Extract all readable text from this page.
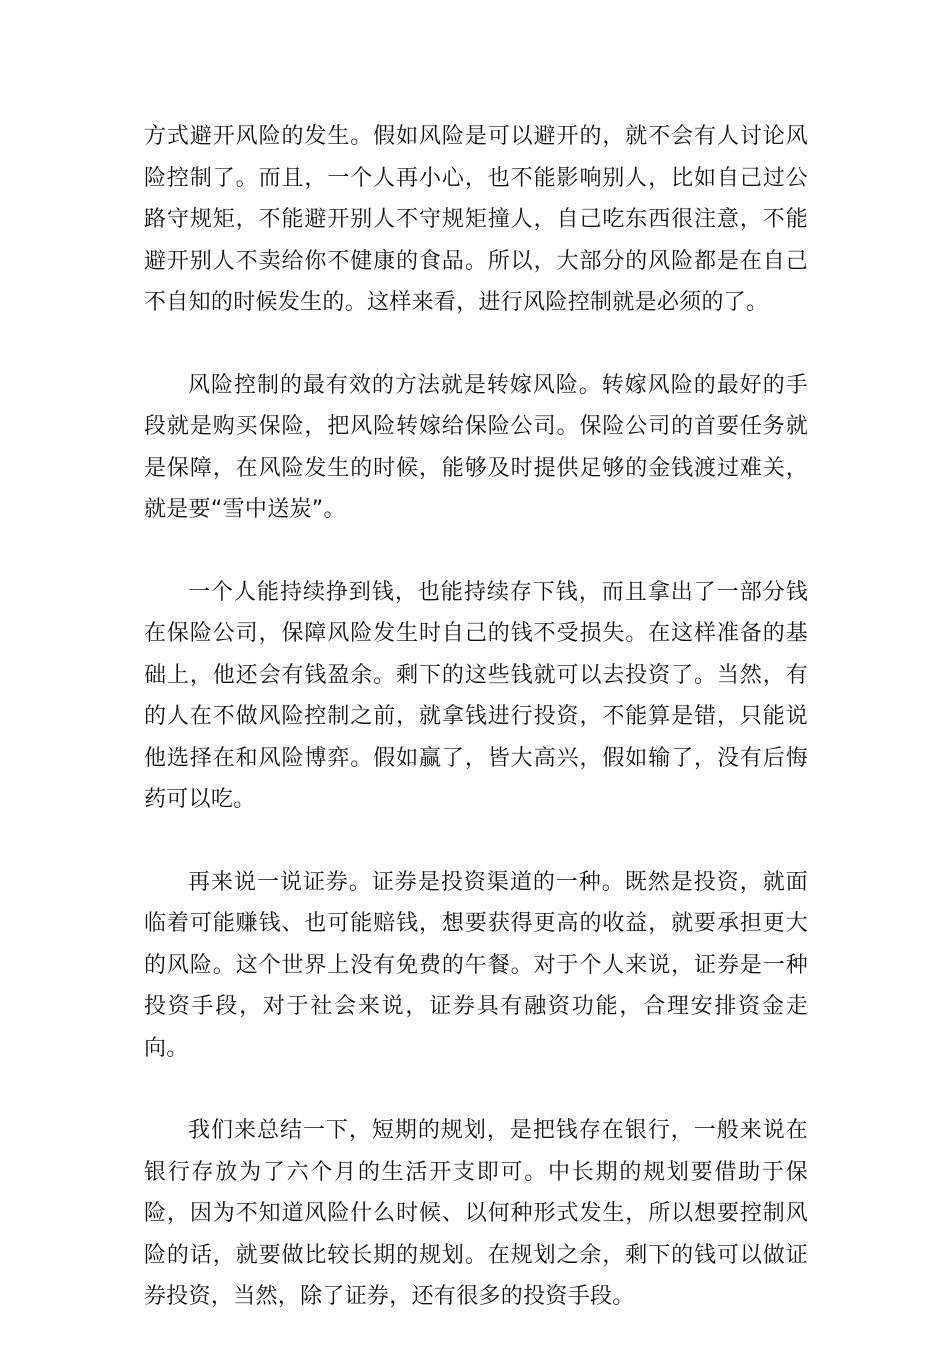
方式避开风险的发生。假如风险是可以避开的，就不会有人讨论风险控制了。而且，一个人再小心，也不能影响别人，比如自己过公路守规矩，不能避开别人不守规矩撞人，自己吃东西很注意，不能避开别人不卖给你不健康的食品。所以，大部分的风险都是在自己不自知的时候发生的。这样来看，进行风险控制就是必须的了。

风险控制的最有效的方法就是转嫁风险。转嫁风险的最好的手段就是购买保险，把风险转嫁给保险公司。保险公司的首要任务就是保障，在风险发生的时候，能够及时提供足够的金钱渡过难关，就是要“雪中送炭”。

一个人能持续挣到钱，也能持续存下钱，而且拿出了一部分钱在保险公司，保障风险发生时自己的钱不受损失。在这样准备的基础上，他还会有钱盈余。剩下的这些钱就可以去投资了。当然，有的人在不做风险控制之前，就拿钱进行投资，不能算是错，只能说他选择在和风险博弈。假如赢了，皆大高兴，假如输了，没有后悔药可以吃。

再来说一说证券。证券是投资渠道的一种。既然是投资，就面临着可能赚钱、也可能赔钱，想要获得更高的收益，就要承担更大的风险。这个世界上没有免费的午餐。对于个人来说，证券是一种投资手段，对于社会来说，证券具有融资功能，合理安排资金走向。

我们来总结一下，短期的规划，是把钱存在银行，一般来说在银行存放为了六个月的生活开支即可。中长期的规划要借助于保险，因为不知道风险什么时候、以何种形式发生，所以想要控制风险的话，就要做比较长期的规划。在规划之余，剩下的钱可以做证券投资，当然，除了证券，还有很多的投资手段。
